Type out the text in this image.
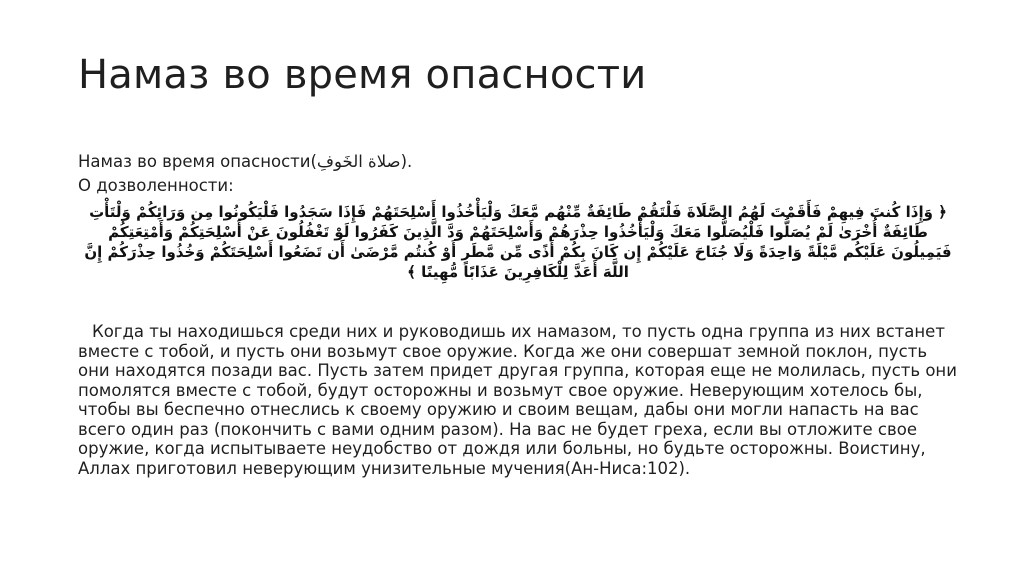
Намаз во время опасности
Намаз во время опасности(صلاة الخَوفِ).
О дозволенности:
﴿ وَإِذَا كُنتَ فِيهِمْ فَأَقَمْتَ لَهُمُ الصَّلَاةَ فَلْتَقُمْ طَائِفَةٌ مِّنْهُم مَّعَكَ وَلْيَأْخُذُوا أَسْلِحَتَهُمْ فَإِذَا سَجَدُوا فَلْيَكُونُوا مِن وَرَائِكُمْ وَلْتَأْتِ طَائِفَةٌ أُخْرَىٰ لَمْ يُصَلُّوا فَلْيُصَلُّوا مَعَكَ وَلْيَأْخُذُوا حِذْرَهُمْ وَأَسْلِحَتَهُمْ وَدَّ الَّذِينَ كَفَرُوا لَوْ تَغْفُلُونَ عَنْ أَسْلِحَتِكُمْ وَأَمْتِعَتِكُمْ فَيَمِيلُونَ عَلَيْكُم مَّيْلَةً وَاحِدَةً وَلَا جُنَاحَ عَلَيْكُمْ إِن كَانَ بِكُمْ أَذًى مِّن مَّطَرٍ أَوْ كُنتُم مَّرْضَىٰ أَن تَضَعُوا أَسْلِحَتَكُمْ وَخُذُوا حِذْرَكُمْ إِنَّ اللَّهَ أَعَدَّ لِلْكَافِرِينَ عَذَابًا مُّهِينًا ﴾
Когда ты находишься среди них и руководишь их намазом, то пусть одна группа из них встанет вместе с тобой, и пусть они возьмут свое оружие. Когда же они совершат земной поклон, пусть они находятся позади вас. Пусть затем придет другая группа, которая еще не молилась, пусть они помолятся вместе с тобой, будут осторожны и возьмут свое оружие. Неверующим хотелось бы, чтобы вы беспечно отнеслись к своему оружию и своим вещам, дабы они могли напасть на вас всего один раз (покончить с вами одним разом). На вас не будет греха, если вы отложите свое оружие, когда испытываете неудобство от дождя или больны, но будьте осторожны. Воистину, Аллах приготовил неверующим унизительные мучения(Ан-Ниса:102).
